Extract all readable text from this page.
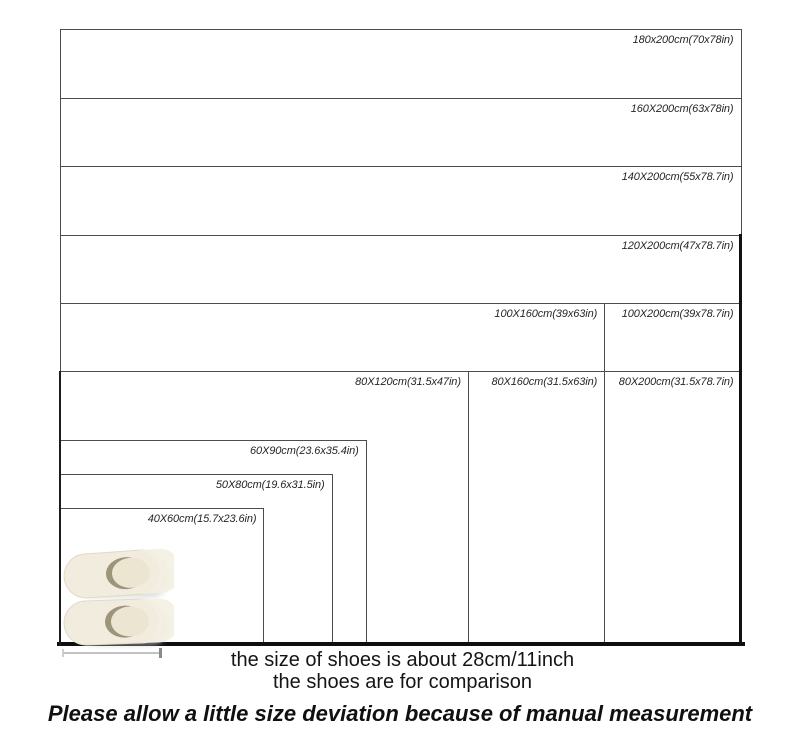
180x200cm(70x78in)
160X200cm(63x78in)
140X200cm(55x78.7in)
120X200cm(47x78.7in)
100X200cm(39x78.7in)
100X160cm(39x63in)
80X200cm(31.5x78.7in)
80X160cm(31.5x63in)
80X120cm(31.5x47in)
60X90cm(23.6x35.4in)
50X80cm(19.6x31.5in)
40X60cm(15.7x23.6in)
the size of shoes is about 28cm/11inch
the shoes are for comparison
Please allow a little size deviation because of manual measurement
